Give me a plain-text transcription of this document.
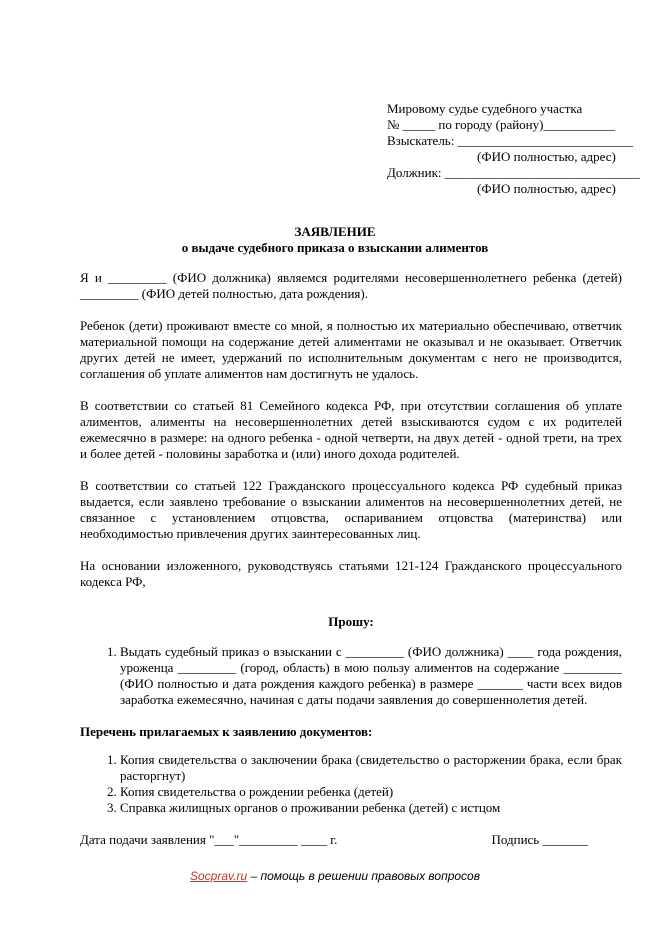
Мировому судье судебного участка

№ _____ по городу (району)___________

Взыскатель: ___________________________

(ФИО полностью, адрес)

Должник: ______________________________

(ФИО полностью, адрес)

ЗАЯВЛЕНИЕ

о выдаче судебного приказа о взыскании алиментов

Я и _________ (ФИО должника) являемся родителями несовершеннолетнего ребенка (детей) _________ (ФИО детей полностью, дата рождения).

Ребенок (дети) проживают вместе со мной, я полностью их материально обеспечиваю, ответчик материальной помощи на содержание детей алиментами не оказывал и не оказывает. Ответчик других детей не имеет, удержаний по исполнительным документам с него не производится, соглашения об уплате алиментов нам достигнуть не удалось.

В соответствии со статьей 81 Семейного кодекса РФ, при отсутствии соглашения об уплате алиментов, алименты на несовершеннолетних детей взыскиваются судом с их родителей ежемесячно в размере: на одного ребенка - одной четверти, на двух детей - одной трети, на трех и более детей - половины заработка и (или) иного дохода родителей.

В соответствии со статьей 122 Гражданского процессуального кодекса РФ судебный приказ выдается, если заявлено требование о взыскании алиментов на несовершеннолетних детей, не связанное с установлением отцовства, оспариванием отцовства (материнства) или необходимостью привлечения других заинтересованных лиц.

На основании изложенного, руководствуясь статьями 121-124 Гражданского процессуального кодекса РФ,

Прошу:

1. Выдать судебный приказ о взыскании с _________ (ФИО должника) ____ года рождения, уроженца _________ (город, область) в мою пользу алиментов на содержание _________ (ФИО полностью и дата рождения каждого ребенка) в размере _______ части всех видов заработка ежемесячно, начиная с даты подачи заявления до совершеннолетия детей.

Перечень прилагаемых к заявлению документов:

1. Копия свидетельства о заключении брака (свидетельство о расторжении брака, если брак расторгнут)
2. Копия свидетельства о рождении ребенка (детей)
3. Справка жилищных органов о проживании ребенка (детей) с истцом
Дата подачи заявления "___"_________ ____ г.	Подпись _______
Socprav.ru – помощь в решении правовых вопросов
